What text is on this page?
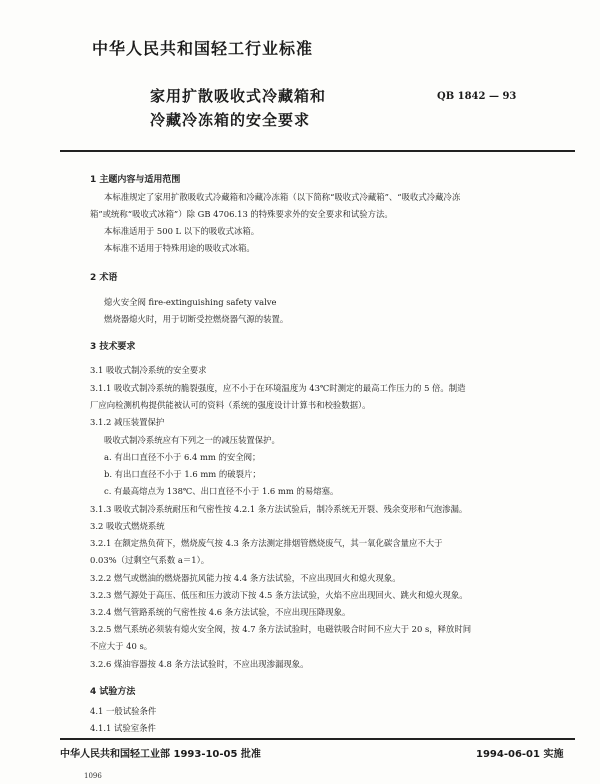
中华人民共和国轻工行业标准
家用扩散吸收式冷藏箱和
冷藏冷冻箱的安全要求
QB 1842 — 93
1 主题内容与适用范围
本标准规定了家用扩散吸收式冷藏箱和冷藏冷冻箱（以下简称“吸收式冷藏箱”、“吸收式冷藏冷冻
箱”或统称“吸收式冰箱”）除 GB 4706.13 的特殊要求外的安全要求和试验方法。
本标准适用于 500 L 以下的吸收式冰箱。
本标准不适用于特殊用途的吸收式冰箱。
2 术语
熄火安全阀 fire-extinguishing safety valve
燃烧器熄火时，用于切断受控燃烧器气源的装置。
3 技术要求
3.1 吸收式制冷系统的安全要求
3.1.1 吸收式制冷系统的脆裂强度，应不小于在环境温度为 43℃时测定的最高工作压力的 5 倍。制造
厂应向检测机构提供能被认可的资料（系统的强度设计计算书和校验数据）。
3.1.2 减压装置保护
吸收式制冷系统应有下列之一的减压装置保护。
a. 有出口直径不小于 6.4 mm 的安全阀；
b. 有出口直径不小于 1.6 mm 的破裂片；
c. 有最高熔点为 138℃、出口直径不小于 1.6 mm 的易熔塞。
3.1.3 吸收式制冷系统耐压和气密性按 4.2.1 条方法试验后，制冷系统无开裂、残余变形和气泡渗漏。
3.2 吸收式燃烧系统
3.2.1 在额定热负荷下，燃烧废气按 4.3 条方法测定排烟管燃烧废气，其一氧化碳含量应不大于
0.03%（过剩空气系数 a＝1）。
3.2.2 燃气或燃油的燃烧器抗风能力按 4.4 条方法试验，不应出现回火和熄火现象。
3.2.3 燃气源处于高压、低压和压力波动下按 4.5 条方法试验，火焰不应出现回火、跳火和熄火现象。
3.2.4 燃气管路系统的气密性按 4.6 条方法试验，不应出现压降现象。
3.2.5 燃气系统必须装有熄火安全阀，按 4.7 条方法试验时，电磁铁吸合时间不应大于 20 s，释放时间
不应大于 40 s。
3.2.6 煤油容器按 4.8 条方法试验时，不应出现渗漏现象。
4 试验方法
4.1 一般试验条件
4.1.1 试验室条件
中华人民共和国轻工业部 1993-10-05 批准	1994-06-01 实施
1096
